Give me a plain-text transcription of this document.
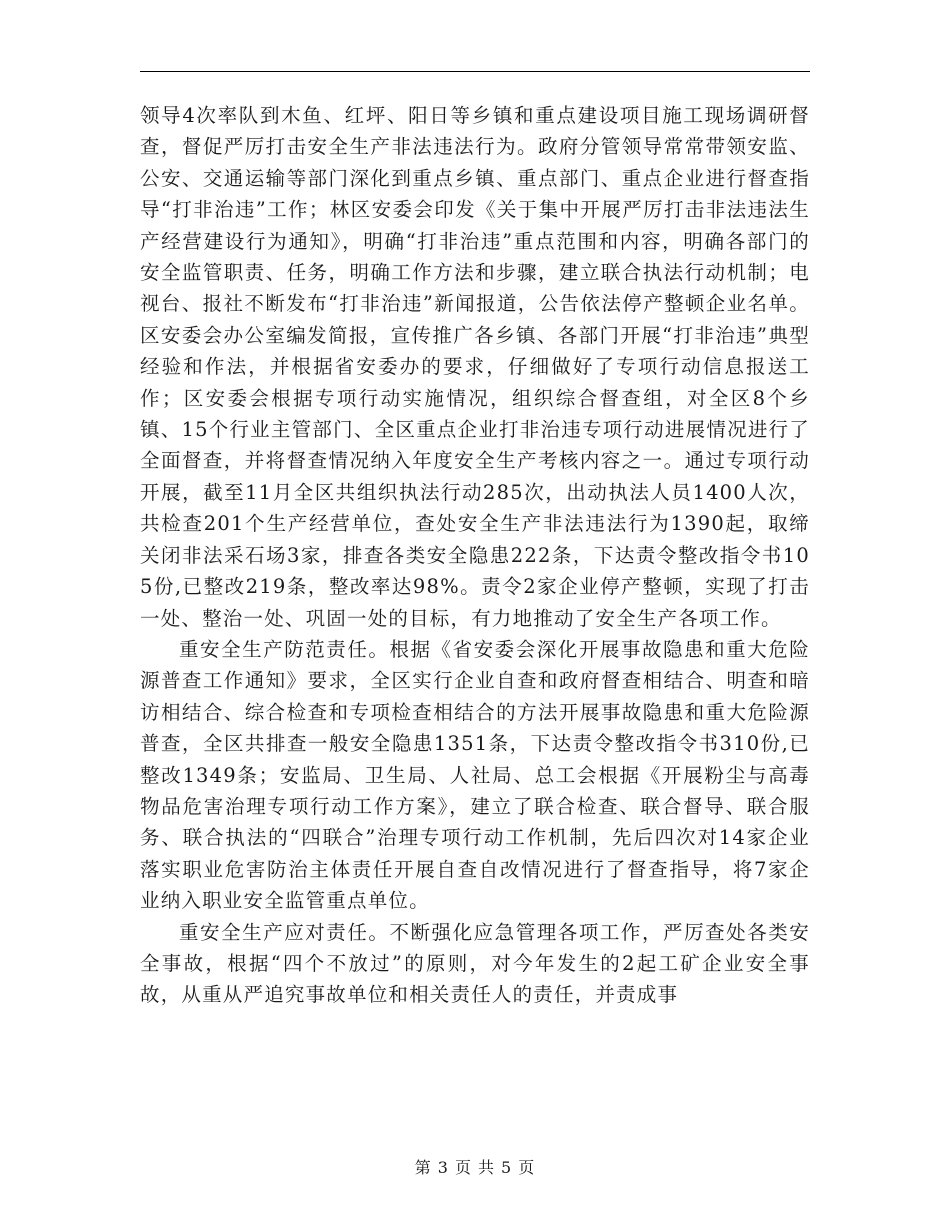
领导4次率队到木鱼、红坪、阳日等乡镇和重点建设项目施工现场调研督查，督促严厉打击安全生产非法违法行为。政府分管领导常常带领安监、公安、交通运输等部门深化到重点乡镇、重点部门、重点企业进行督查指导“打非治违”工作；林区安委会印发《关于集中开展严厉打击非法违法生产经营建设行为通知》，明确“打非治违”重点范围和内容，明确各部门的安全监管职责、任务，明确工作方法和步骤，建立联合执法行动机制；电视台、报社不断发布“打非治违”新闻报道，公告依法停产整顿企业名单。区安委会办公室编发简报，宣传推广各乡镇、各部门开展“打非治违”典型经验和作法，并根据省安委办的要求，仔细做好了专项行动信息报送工作；区安委会根据专项行动实施情况，组织综合督查组，对全区8个乡镇、15个行业主管部门、全区重点企业打非治违专项行动进展情况进行了全面督查，并将督查情况纳入年度安全生产考核内容之一。通过专项行动开展，截至11月全区共组织执法行动285次，出动执法人员1400人次，共检查201个生产经营单位，查处安全生产非法违法行为1390起，取缔关闭非法采石场3家，排查各类安全隐患222条，下达责令整改指令书105份,已整改219条，整改率达98%。责令2家企业停产整顿，实现了打击一处、整治一处、巩固一处的目标，有力地推动了安全生产各项工作。

重安全生产防范责任。根据《省安委会深化开展事故隐患和重大危险源普查工作通知》要求，全区实行企业自查和政府督查相结合、明查和暗访相结合、综合检查和专项检查相结合的方法开展事故隐患和重大危险源普查，全区共排查一般安全隐患1351条，下达责令整改指令书310份,已整改1349条；安监局、卫生局、人社局、总工会根据《开展粉尘与高毒物品危害治理专项行动工作方案》，建立了联合检查、联合督导、联合服务、联合执法的“四联合”治理专项行动工作机制，先后四次对14家企业落实职业危害防治主体责任开展自查自改情况进行了督查指导，将7家企业纳入职业安全监管重点单位。

重安全生产应对责任。不断强化应急管理各项工作，严厉查处各类安全事故，根据“四个不放过”的原则，对今年发生的2起工矿企业安全事故，从重从严追究事故单位和相关责任人的责任，并责成事

第 3 页 共 5 页
